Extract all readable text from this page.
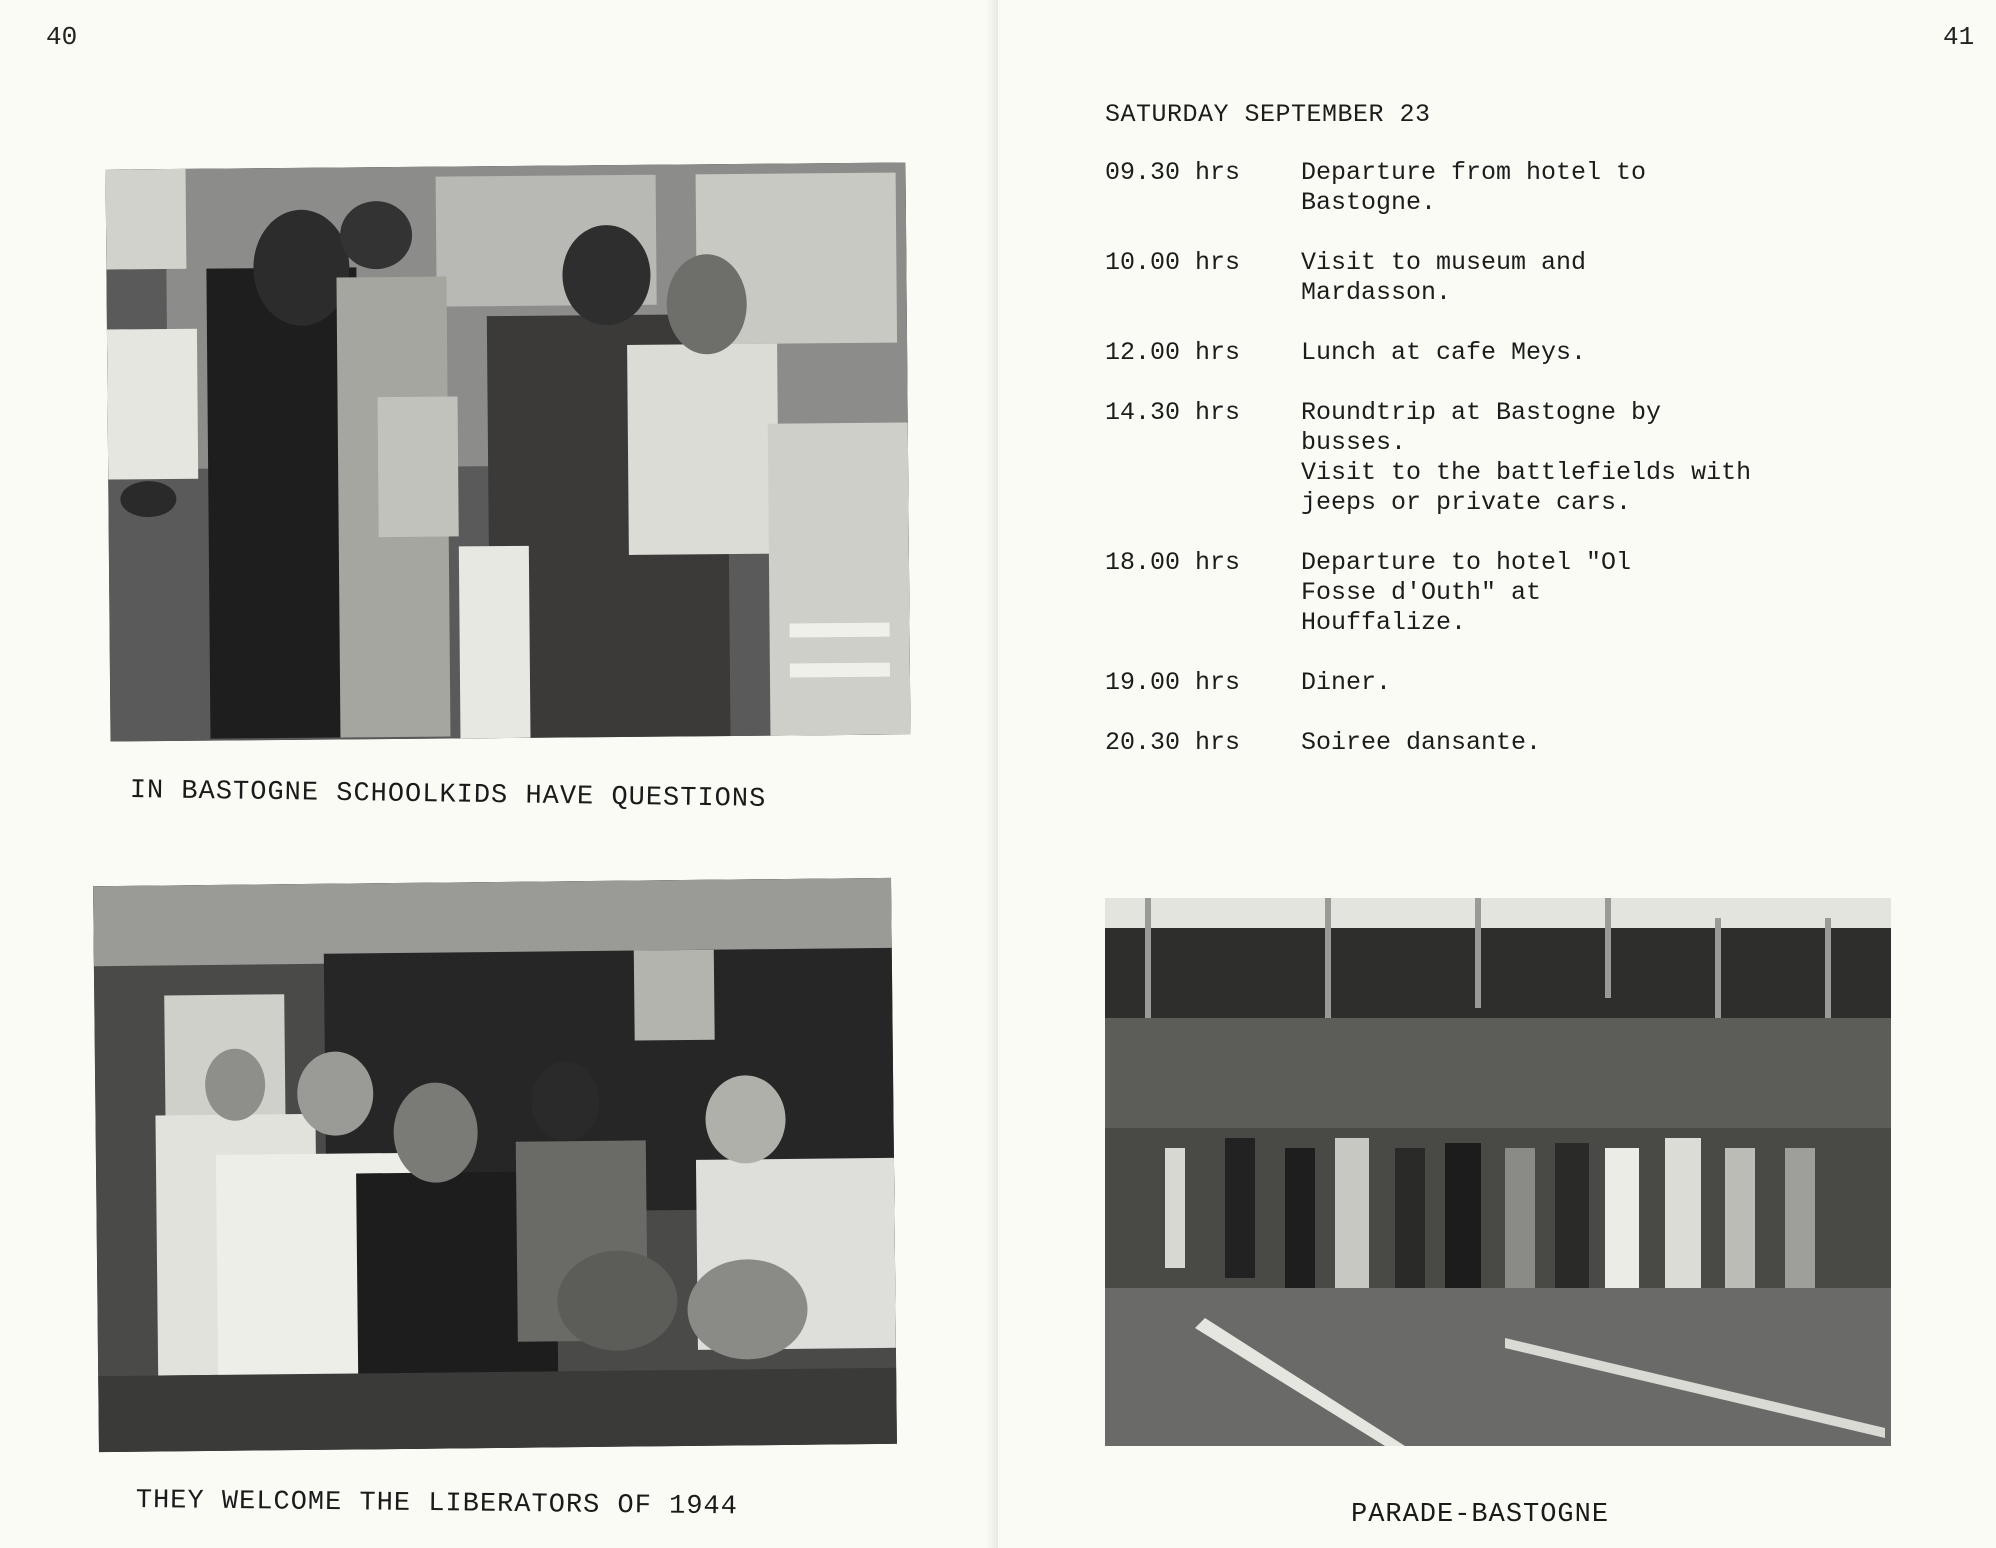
40
IN BASTOGNE SCHOOLKIDS HAVE QUESTIONS
THEY WELCOME THE LIBERATORS OF 1944
41
SATURDAY SEPTEMBER 23
09.30 hrs	Departure from hotel to
Bastogne.
10.00 hrs	Visit to museum and
Mardasson.
12.00 hrs	Lunch at cafe Meys.
14.30 hrs	Roundtrip at Bastogne by
busses.
Visit to the battlefields with
jeeps or private cars.
18.00 hrs	Departure to hotel "Ol
Fosse d'Outh" at
Houffalize.
19.00 hrs	Diner.
20.30 hrs	Soiree dansante.
PARADE-BASTOGNE
